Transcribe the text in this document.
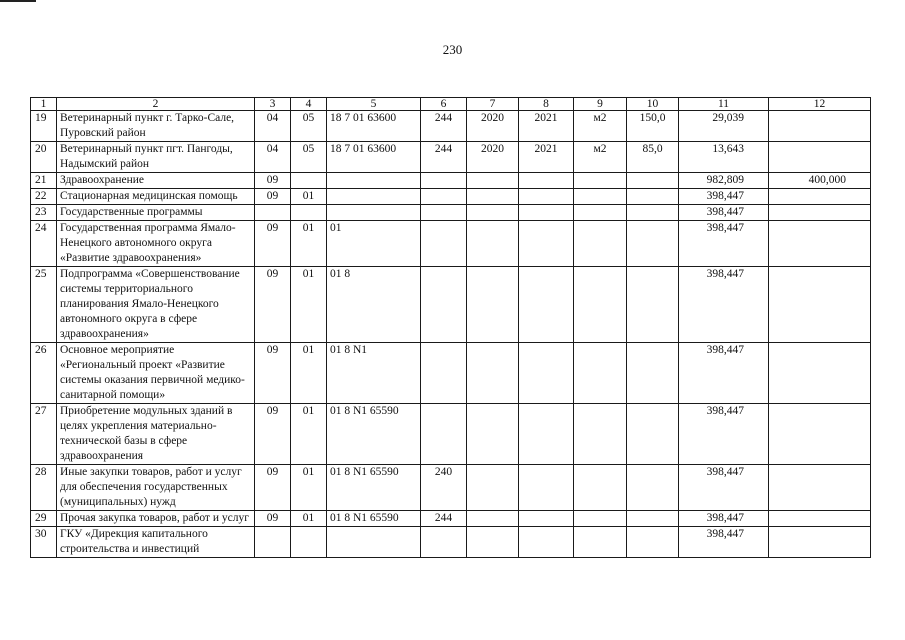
230
1	2	3	4	5	6	7	8	9	10	11	12
19	Ветеринарный пункт г. Тарко-Сале, Пуровский район	04	05	18 7 01 63600	244	2020	2021	м2	150,0	29,039	
20	Ветеринарный пункт пгт. Пангоды, Надымский район	04	05	18 7 01 63600	244	2020	2021	м2	85,0	13,643	
21	Здравоохранение	09								982,809	400,000
22	Стационарная медицинская помощь	09	01							398,447	
23	Государственные программы									398,447	
24	Государственная программа Ямало-Ненецкого автономного округа «Развитие здравоохранения»	09	01	01						398,447	
25	Подпрограмма «Совершенствование системы территориального планирования Ямало-Ненецкого автономного округа в сфере здравоохранения»	09	01	01 8						398,447	
26	Основное мероприятие «Региональный проект «Развитие системы оказания первичной медико-санитарной помощи»	09	01	01 8 N1						398,447	
27	Приобретение модульных зданий в целях укрепления материально-технической базы в сфере здравоохранения	09	01	01 8 N1 65590						398,447	
28	Иные закупки товаров, работ и услуг для обеспечения государственных (муниципальных) нужд	09	01	01 8 N1 65590	240					398,447	
29	Прочая закупка товаров, работ и услуг	09	01	01 8 N1 65590	244					398,447	
30	ГКУ «Дирекция капитального строительства и инвестиций									398,447	
